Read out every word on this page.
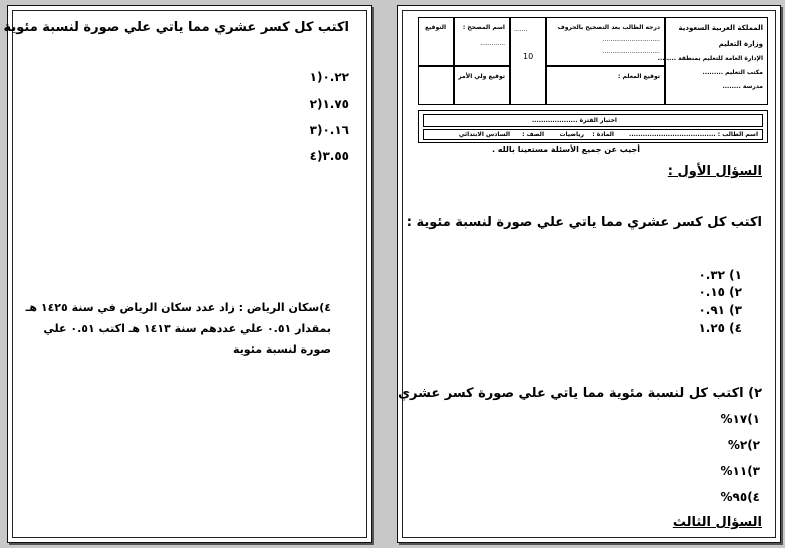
اكتب كل كسر عشري مما ياتي علي صورة لنسبة مئوية
٠.٢٢(١
١.٧٥(٢
٠.١٦(٣
٣.٥٥(٤
٤)سكان الرياض : زاد عدد سكان الرياض في سنة ١٤٢٥ هـ
بمقدار ٠.٥١ علي عددهم سنة ١٤١٣ هـ اكتب ٠.٥١ علي
صورة لنسبة مئوية
المملكة العربية السعودية
وزارة التعليم
الإدارة العامة للتعليم بمنطقة ........
مكتب التعليم .........
مدرسة ........
درجه الطالب بعد التصحيح بالحروف
..............................
..............................
توقيع المعلم :
.......
10
اسم المصحح :
.............
توقيع ولي الأمر
التوقيع
اختبار الفترة ....................
اسم الطالب : ......................................
المادة :
رياضيات
الصف :
السادس الابتدائي
أجيب عن جميع الأسئلة مستعينا بالله .
السؤال الأول :
اكتب كل كسر عشري مما ياتي علي صورة لنسبة مئوية :
١) ٠.٣٢
٢) ٠.١٥
٣) ٠.٩١
٤) ١.٢٥
٢) اكتب كل لنسبة مئوية مما ياتي علي صورة كسر عشري
١)١٧%
٢)٢%
٣)١١%
٤)٩٥%
السؤال الثالث
